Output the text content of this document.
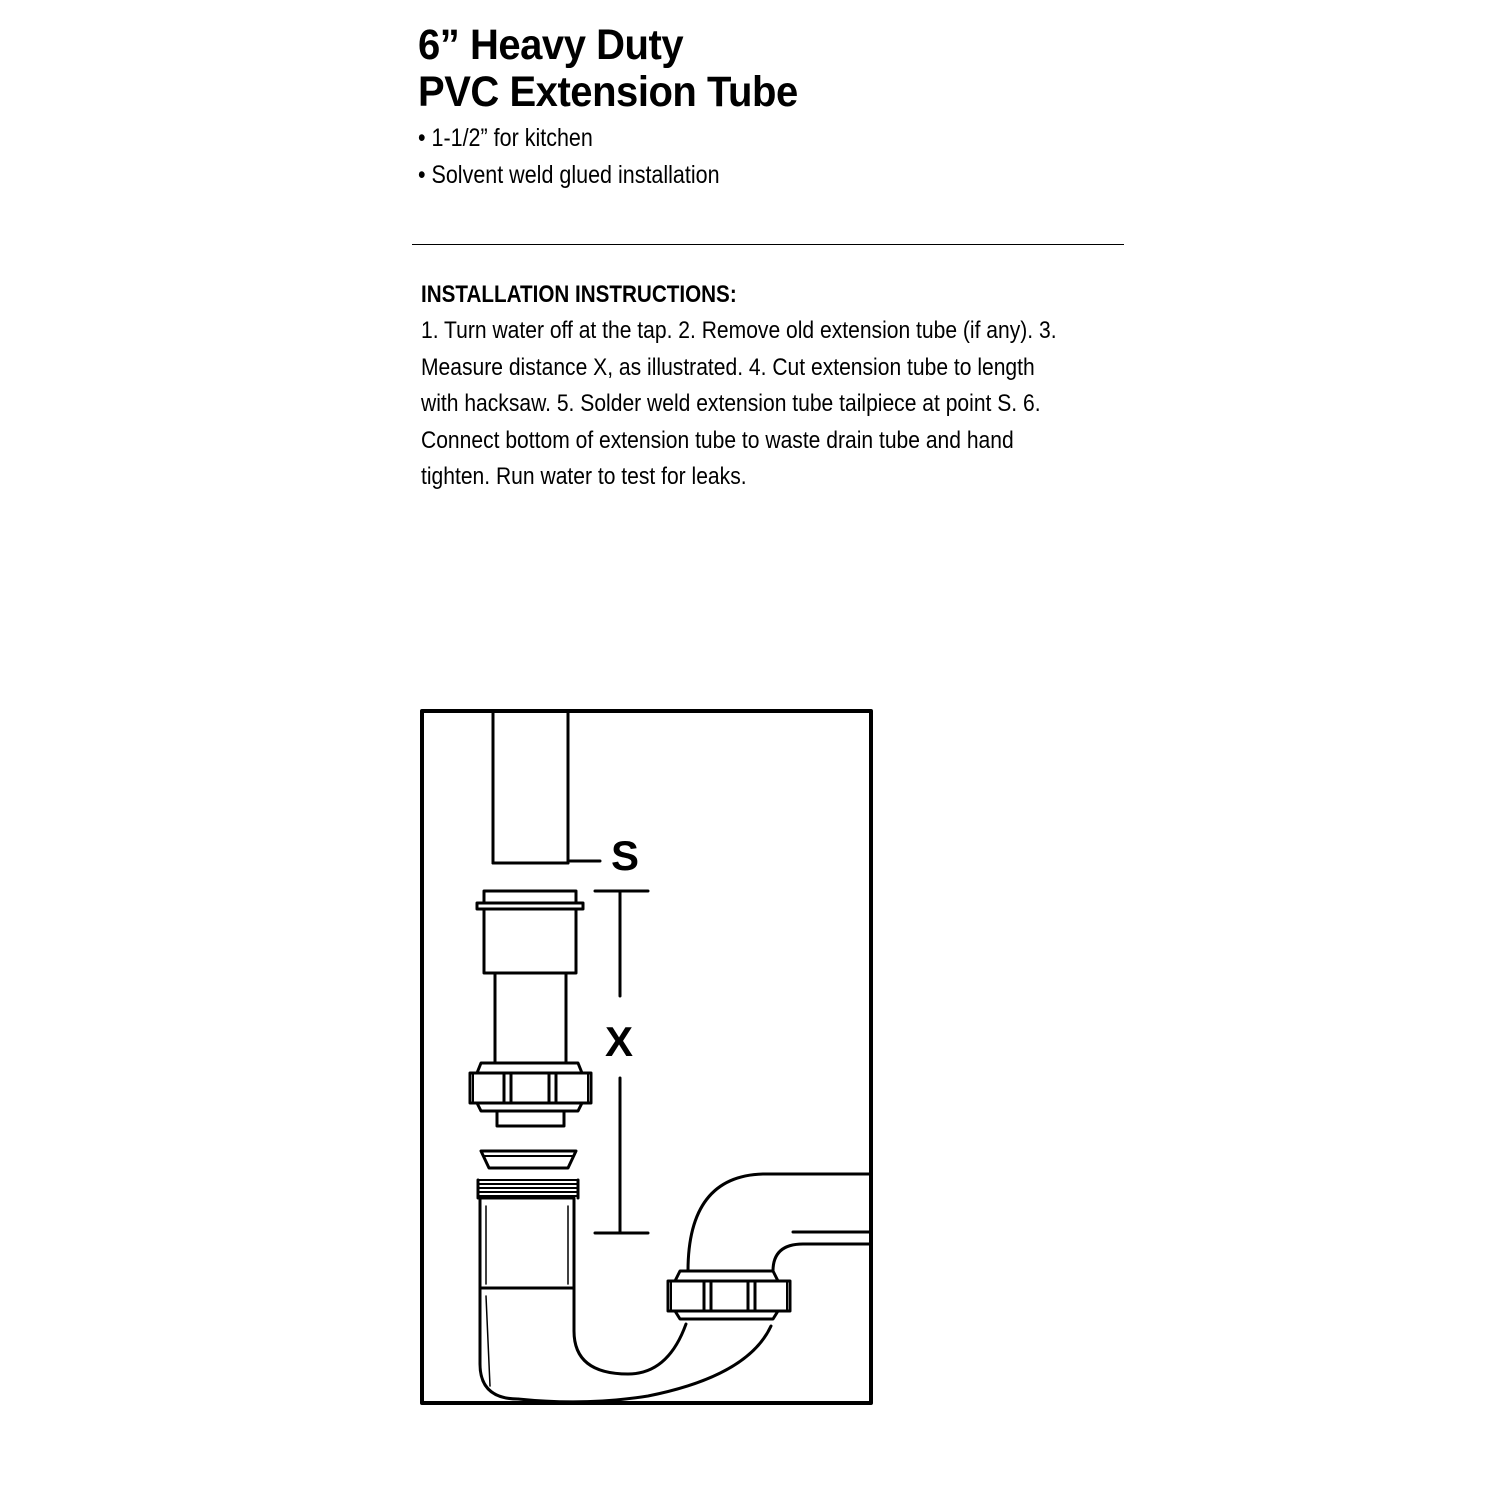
6” Heavy Duty
PVC Extension Tube
• 1-1/2” for kitchen
• Solvent weld glued installation

INSTALLATION INSTRUCTIONS:

1. Turn water off at the tap. 2. Remove old extension tube (if any). 3. Measure distance X, as illustrated. 4. Cut extension tube to length with hacksaw. 5. Solder weld extension tube tailpiece at point S. 6. Connect bottom of extension tube to waste drain tube and hand tighten. Run water to test for leaks.

S
X
